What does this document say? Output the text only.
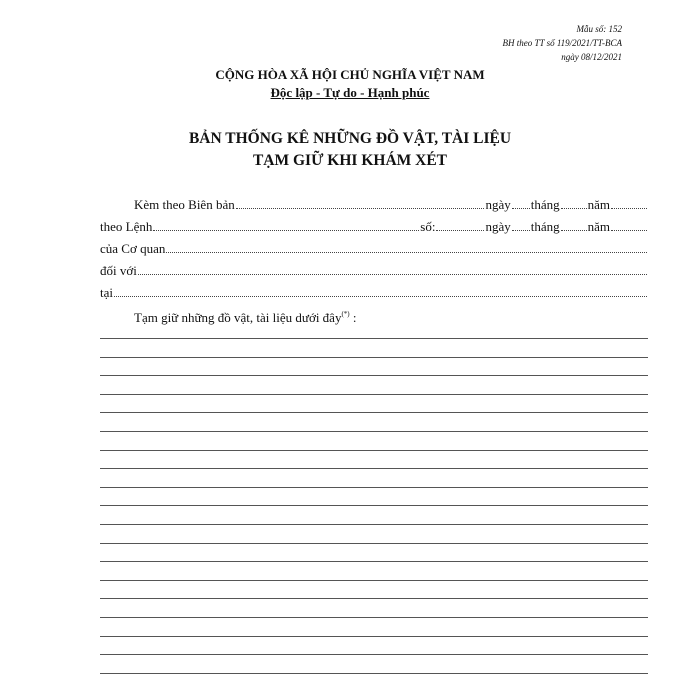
Mẫu số: 152
BH theo TT số 119/2021/TT-BCA
ngày 08/12/2021
CỘNG HÒA XÃ HỘI CHỦ NGHĨA VIỆT NAM
Độc lập - Tự do - Hạnh phúc
BẢN THỐNG KÊ NHỮNG ĐỒ VẬT, TÀI LIỆU
TẠM GIỮ KHI KHÁM XÉT
Kèm theo Biên bản	ngày tháng năm
theo Lệnh	số:	ngày tháng năm
của Cơ quan
đối với
tại
Tạm giữ những đồ vật, tài liệu dưới đây(*) :
